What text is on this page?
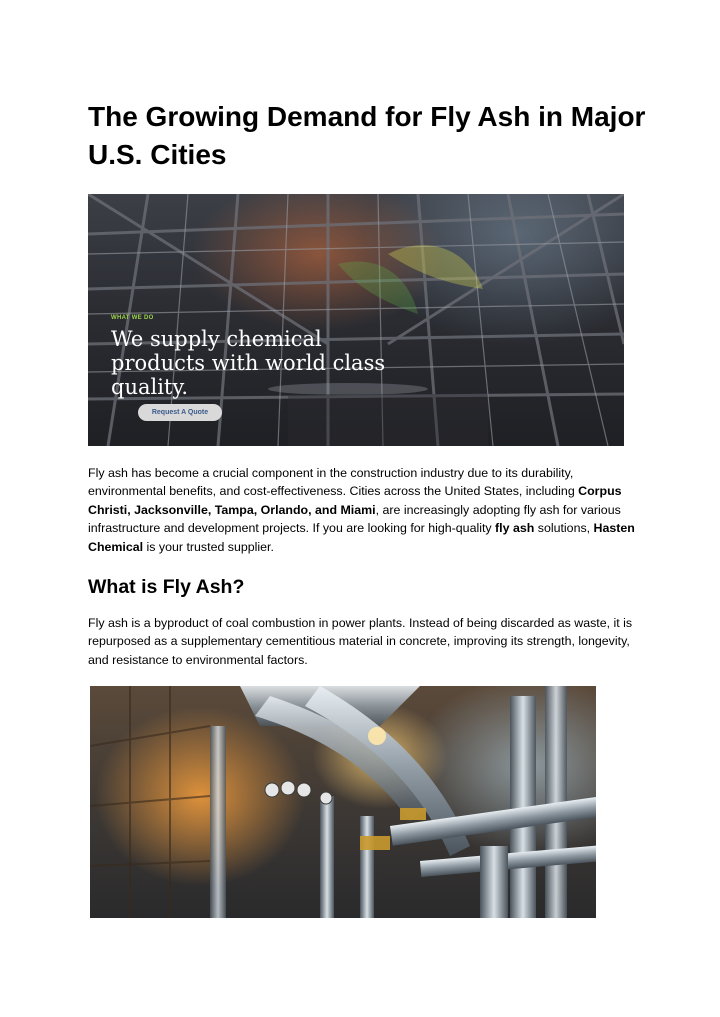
The Growing Demand for Fly Ash in Major U.S. Cities
WHAT WE DO
We supply chemical products with world class quality.
Request A Quote

Fly ash has become a crucial component in the construction industry due to its durability, environmental benefits, and cost-effectiveness. Cities across the United States, including Corpus Christi, Jacksonville, Tampa, Orlando, and Miami, are increasingly adopting fly ash for various infrastructure and development projects. If you are looking for high-quality fly ash solutions, Hasten Chemical is your trusted supplier.

What is Fly Ash?

Fly ash is a byproduct of coal combustion in power plants. Instead of being discarded as waste, it is repurposed as a supplementary cementitious material in concrete, improving its strength, longevity, and resistance to environmental factors.
